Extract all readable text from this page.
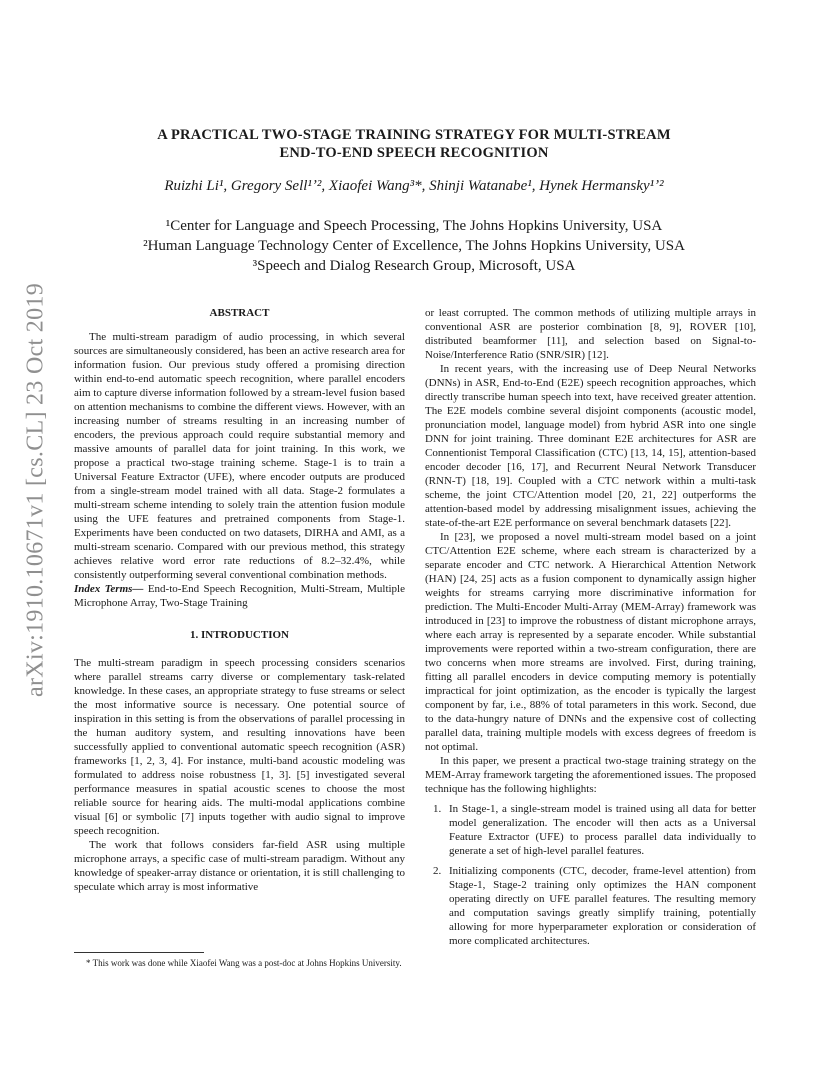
arXiv:1910.10671v1 [cs.CL] 23 Oct 2019
A PRACTICAL TWO-STAGE TRAINING STRATEGY FOR MULTI-STREAM
END-TO-END SPEECH RECOGNITION
Ruizhi Li¹, Gregory Sell¹ʼ², Xiaofei Wang³*, Shinji Watanabe¹, Hynek Hermansky¹ʼ²
¹Center for Language and Speech Processing, The Johns Hopkins University, USA
²Human Language Technology Center of Excellence, The Johns Hopkins University, USA
³Speech and Dialog Research Group, Microsoft, USA
ABSTRACT

The multi-stream paradigm of audio processing, in which several sources are simultaneously considered, has been an active research area for information fusion. Our previous study offered a promising direction within end-to-end automatic speech recognition, where parallel encoders aim to capture diverse information followed by a stream-level fusion based on attention mechanisms to combine the different views. However, with an increasing number of streams resulting in an increasing number of encoders, the previous approach could require substantial memory and massive amounts of parallel data for joint training. In this work, we propose a practical two-stage training scheme. Stage-1 is to train a Universal Feature Extractor (UFE), where encoder outputs are produced from a single-stream model trained with all data. Stage-2 formulates a multi-stream scheme intending to solely train the attention fusion module using the UFE features and pretrained components from Stage-1. Experiments have been conducted on two datasets, DIRHA and AMI, as a multi-stream scenario. Compared with our previous method, this strategy achieves relative word error rate reductions of 8.2–32.4%, while consistently outperforming several conventional combination methods.

Index Terms— End-to-End Speech Recognition, Multi-Stream, Multiple Microphone Array, Two-Stage Training

1. INTRODUCTION

The multi-stream paradigm in speech processing considers scenarios where parallel streams carry diverse or complementary task-related knowledge. In these cases, an appropriate strategy to fuse streams or select the most informative source is necessary. One potential source of inspiration in this setting is from the observations of parallel processing in the human auditory system, and resulting innovations have been successfully applied to conventional automatic speech recognition (ASR) frameworks [1, 2, 3, 4]. For instance, multi-band acoustic modeling was formulated to address noise robustness [1, 3]. [5] investigated several performance measures in spatial acoustic scenes to choose the most reliable source for hearing aids. The multi-modal applications combine visual [6] or symbolic [7] inputs together with audio signal to improve speech recognition.

The work that follows considers far-field ASR using multiple microphone arrays, a specific case of multi-stream paradigm. Without any knowledge of speaker-array distance or orientation, it is still challenging to speculate which array is most informative

* This work was done while Xiaofei Wang was a post-doc at Johns Hopkins University.

or least corrupted. The common methods of utilizing multiple arrays in conventional ASR are posterior combination [8, 9], ROVER [10], distributed beamformer [11], and selection based on Signal-to-Noise/Interference Ratio (SNR/SIR) [12].

In recent years, with the increasing use of Deep Neural Networks (DNNs) in ASR, End-to-End (E2E) speech recognition approaches, which directly transcribe human speech into text, have received greater attention. The E2E models combine several disjoint components (acoustic model, pronunciation model, language model) from hybrid ASR into one single DNN for joint training. Three dominant E2E architectures for ASR are Connentionist Temporal Classification (CTC) [13, 14, 15], attention-based encoder decoder [16, 17], and Recurrent Neural Network Transducer (RNN-T) [18, 19]. Coupled with a CTC network within a multi-task scheme, the joint CTC/Attention model [20, 21, 22] outperforms the attention-based model by addressing misalignment issues, achieving the state-of-the-art E2E performance on several benchmark datasets [22].

In [23], we proposed a novel multi-stream model based on a joint CTC/Attention E2E scheme, where each stream is characterized by a separate encoder and CTC network. A Hierarchical Attention Network (HAN) [24, 25] acts as a fusion component to dynamically assign higher weights for streams carrying more discriminative information for prediction. The Multi-Encoder Multi-Array (MEM-Array) framework was introduced in [23] to improve the robustness of distant microphone arrays, where each array is represented by a separate encoder. While substantial improvements were reported within a two-stream configuration, there are two concerns when more streams are involved. First, during training, fitting all parallel encoders in device computing memory is potentially impractical for joint optimization, as the encoder is typically the largest component by far, i.e., 88% of total parameters in this work. Second, due to the data-hungry nature of DNNs and the expensive cost of collecting parallel data, training multiple models with excess degrees of freedom is not optimal.

In this paper, we present a practical two-stage training strategy on the MEM-Array framework targeting the aforementioned issues. The proposed technique has the following highlights:

1. In Stage-1, a single-stream model is trained using all data for better model generalization. The encoder will then acts as a Universal Feature Extractor (UFE) to process parallel data individually to generate a set of high-level parallel features.
2. Initializing components (CTC, decoder, frame-level attention) from Stage-1, Stage-2 training only optimizes the HAN component operating directly on UFE parallel features. The resulting memory and computation savings greatly simplify training, potentially allowing for more hyperparameter exploration or consideration of more complicated architectures.
